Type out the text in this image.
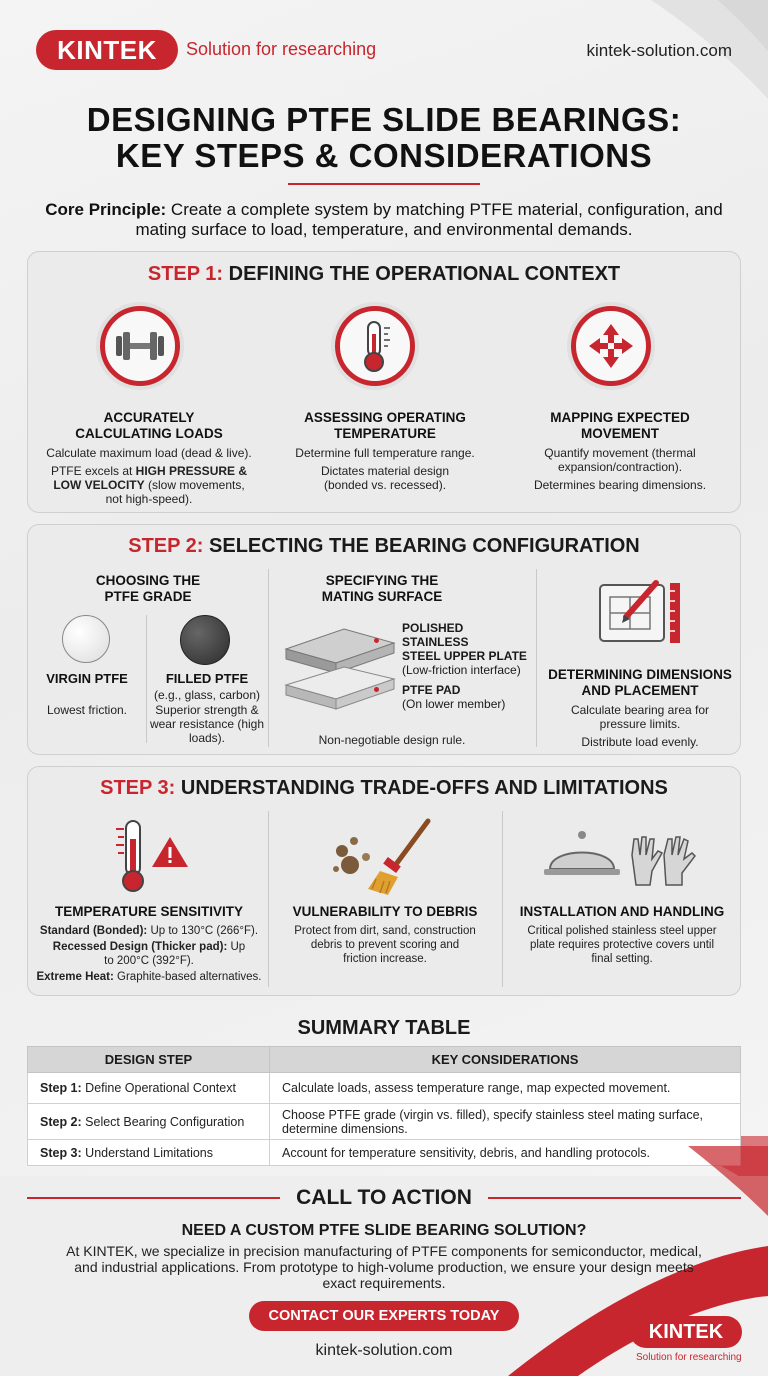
KINTEK	Solution for researching	kintek-solution.com
DESIGNING PTFE SLIDE BEARINGS:
KEY STEPS & CONSIDERATIONS
Core Principle: Create a complete system by matching PTFE material, configuration, and mating surface to load, temperature, and environmental demands.
STEP 1: DEFINING THE OPERATIONAL CONTEXT
ACCURATELY
CALCULATING LOADS
Calculate maximum load (dead & live).
PTFE excels at HIGH PRESSURE & LOW VELOCITY (slow movements, not high-speed).
ASSESSING OPERATING
TEMPERATURE
Determine full temperature range.
Dictates material design (bonded vs. recessed).
MAPPING EXPECTED
MOVEMENT
Quantify movement (thermal expansion/contraction).
Determines bearing dimensions.
STEP 2: SELECTING THE BEARING CONFIGURATION
CHOOSING THE
PTFE GRADE
VIRGIN PTFE
Lowest friction.
FILLED PTFE
(e.g., glass, carbon)
Superior strength & wear resistance (high loads).
SPECIFYING THE
MATING SURFACE
POLISHED STAINLESS
STEEL UPPER PLATE
(Low-friction interface)
PTFE PAD
(On lower member)
Non-negotiable design rule.
DETERMINING DIMENSIONS
AND PLACEMENT
Calculate bearing area for pressure limits.
Distribute load evenly.
STEP 3: UNDERSTANDING TRADE-OFFS AND LIMITATIONS
TEMPERATURE SENSITIVITY
Standard (Bonded): Up to 130°C (266°F).
Recessed Design (Thicker pad): Up to 200°C (392°F).
Extreme Heat: Graphite-based alternatives.
VULNERABILITY TO DEBRIS
Protect from dirt, sand, construction debris to prevent scoring and friction increase.
INSTALLATION AND HANDLING
Critical polished stainless steel upper plate requires protective covers until final setting.
SUMMARY TABLE
DESIGN STEP	KEY CONSIDERATIONS
Step 1: Define Operational Context	Calculate loads, assess temperature range, map expected movement.
Step 2: Select Bearing Configuration	Choose PTFE grade (virgin vs. filled), specify stainless steel mating surface, determine dimensions.
Step 3: Understand Limitations	Account for temperature sensitivity, debris, and handling protocols.
CALL TO ACTION
NEED A CUSTOM PTFE SLIDE BEARING SOLUTION?
At KINTEK, we specialize in precision manufacturing of PTFE components for semiconductor, medical, and industrial applications. From prototype to high-volume production, we ensure your design meets exact requirements.
CONTACT OUR EXPERTS TODAY
kintek-solution.com
KINTEK
Solution for researching
